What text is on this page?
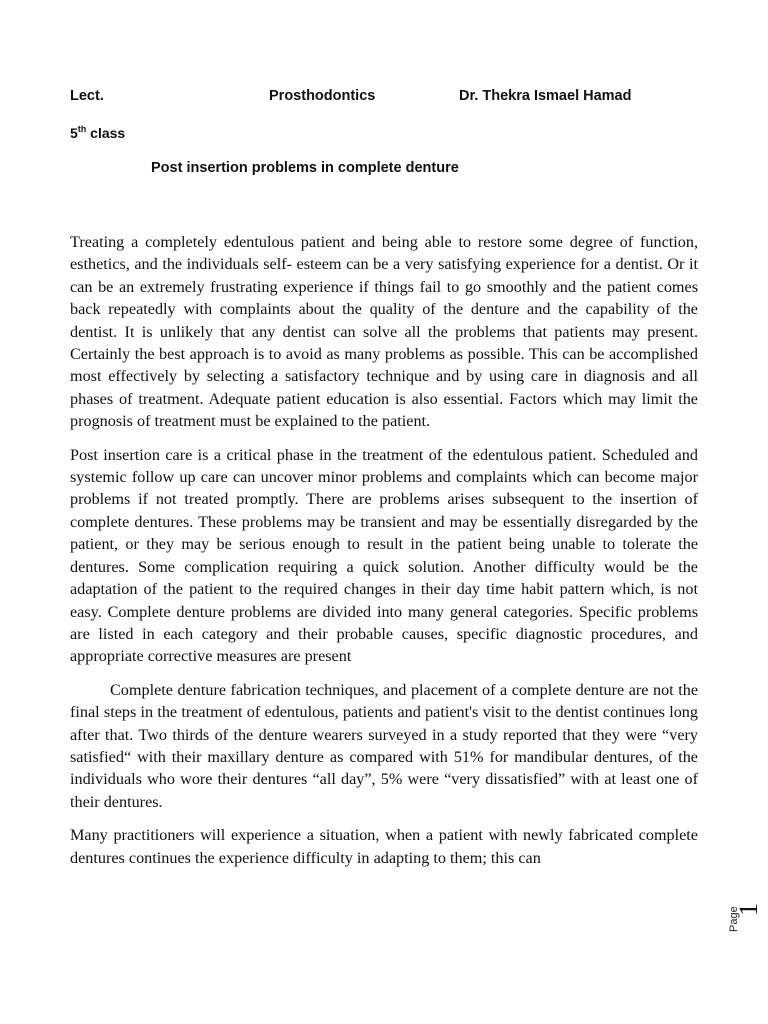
Lect.	Prosthodontics	Dr. Thekra Ismael Hamad
5th class
Post insertion problems in complete denture

Treating a completely edentulous patient and being able to restore some degree of function, esthetics, and the individuals self- esteem can be a very satisfying experience for a dentist. Or it can be an extremely frustrating experience if things fail to go smoothly and the patient comes back repeatedly with complaints about the quality of the denture and the capability of the dentist. It is unlikely that any dentist can solve all the problems that patients may present. Certainly the best approach is to avoid as many problems as possible. This can be accomplished most effectively by selecting a satisfactory technique and by using care in diagnosis and all phases of treatment. Adequate patient education is also essential. Factors which may limit the prognosis of treatment must be explained to the patient.

Post insertion care is a critical phase in the treatment of the edentulous patient. Scheduled and systemic follow up care can uncover minor problems and complaints which can become major problems if not treated promptly. There are problems arises subsequent to the insertion of complete dentures. These problems may be transient and may be essentially disregarded by the patient, or they may be serious enough to result in the patient being unable to tolerate the dentures. Some complication requiring a quick solution. Another difficulty would be the adaptation of the patient to the required changes in their day time habit pattern which, is not easy. Complete denture problems are divided into many general categories. Specific problems are listed in each category and their probable causes, specific diagnostic procedures, and appropriate corrective measures are present

Complete denture fabrication techniques, and placement of a complete denture are not the final steps in the treatment of edentulous, patients and patient's visit to the dentist continues long after that. Two thirds of the denture wearers surveyed in a study reported that they were “very satisfied“ with their maxillary denture as compared with 51% for mandibular dentures, of the individuals who wore their dentures “all day”, 5% were “very dissatisfied” with at least one of their dentures.

Many practitioners will experience a situation, when a patient with newly fabricated complete dentures continues the experience difficulty in adapting to them; this can

Page
1
